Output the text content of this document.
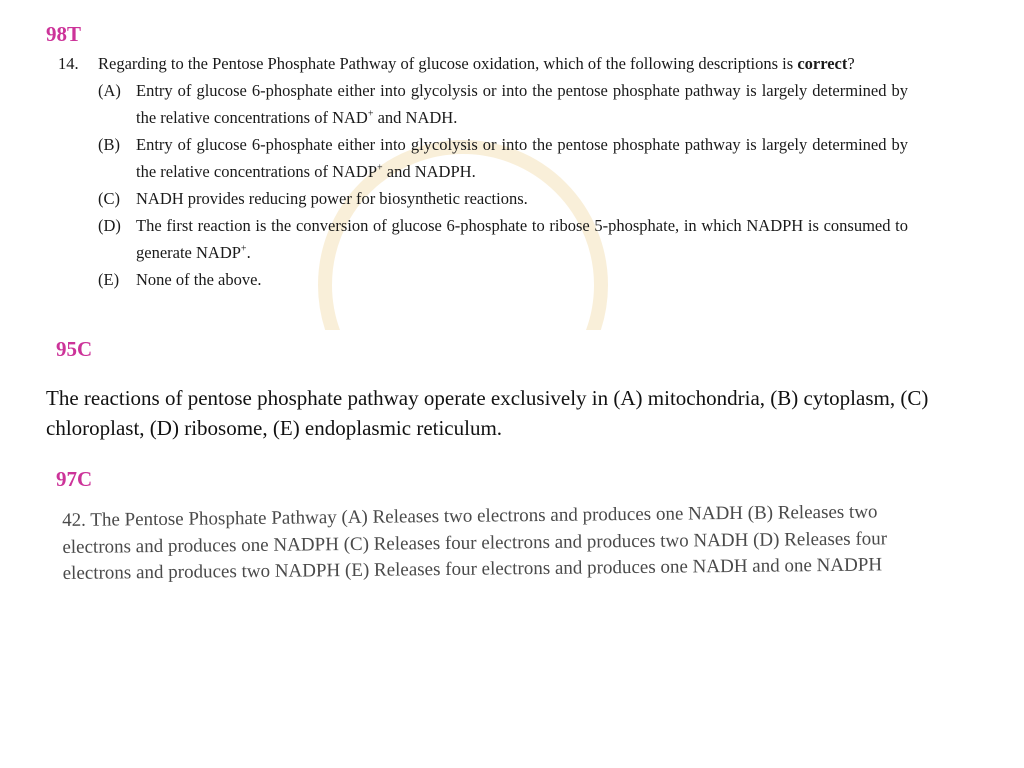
98T
14.	Regarding to the Pentose Phosphate Pathway of glucose oxidation, which of the following descriptions is correct?
(A) Entry of glucose 6-phosphate either into glycolysis or into the pentose phosphate pathway is largely determined by the relative concentrations of NAD+ and NADH.
(B) Entry of glucose 6-phosphate either into glycolysis or into the pentose phosphate pathway is largely determined by the relative concentrations of NADP+ and NADPH.
(C) NADH provides reducing power for biosynthetic reactions.
(D) The first reaction is the conversion of glucose 6-phosphate to ribose 5-phosphate, in which NADPH is consumed to generate NADP+.
(E)	None of the above.
95C
The reactions of pentose phosphate pathway operate exclusively in (A) mitochondria, (B) cytoplasm, (C) chloroplast, (D) ribosome, (E) endoplasmic reticulum.
97C
42. The Pentose Phosphate Pathway (A) Releases two electrons and produces one NADH (B) Releases two electrons and produces one NADPH (C) Releases four electrons and produces two NADH (D) Releases four electrons and produces two NADPH (E) Releases four electrons and produces one NADH and one NADPH
